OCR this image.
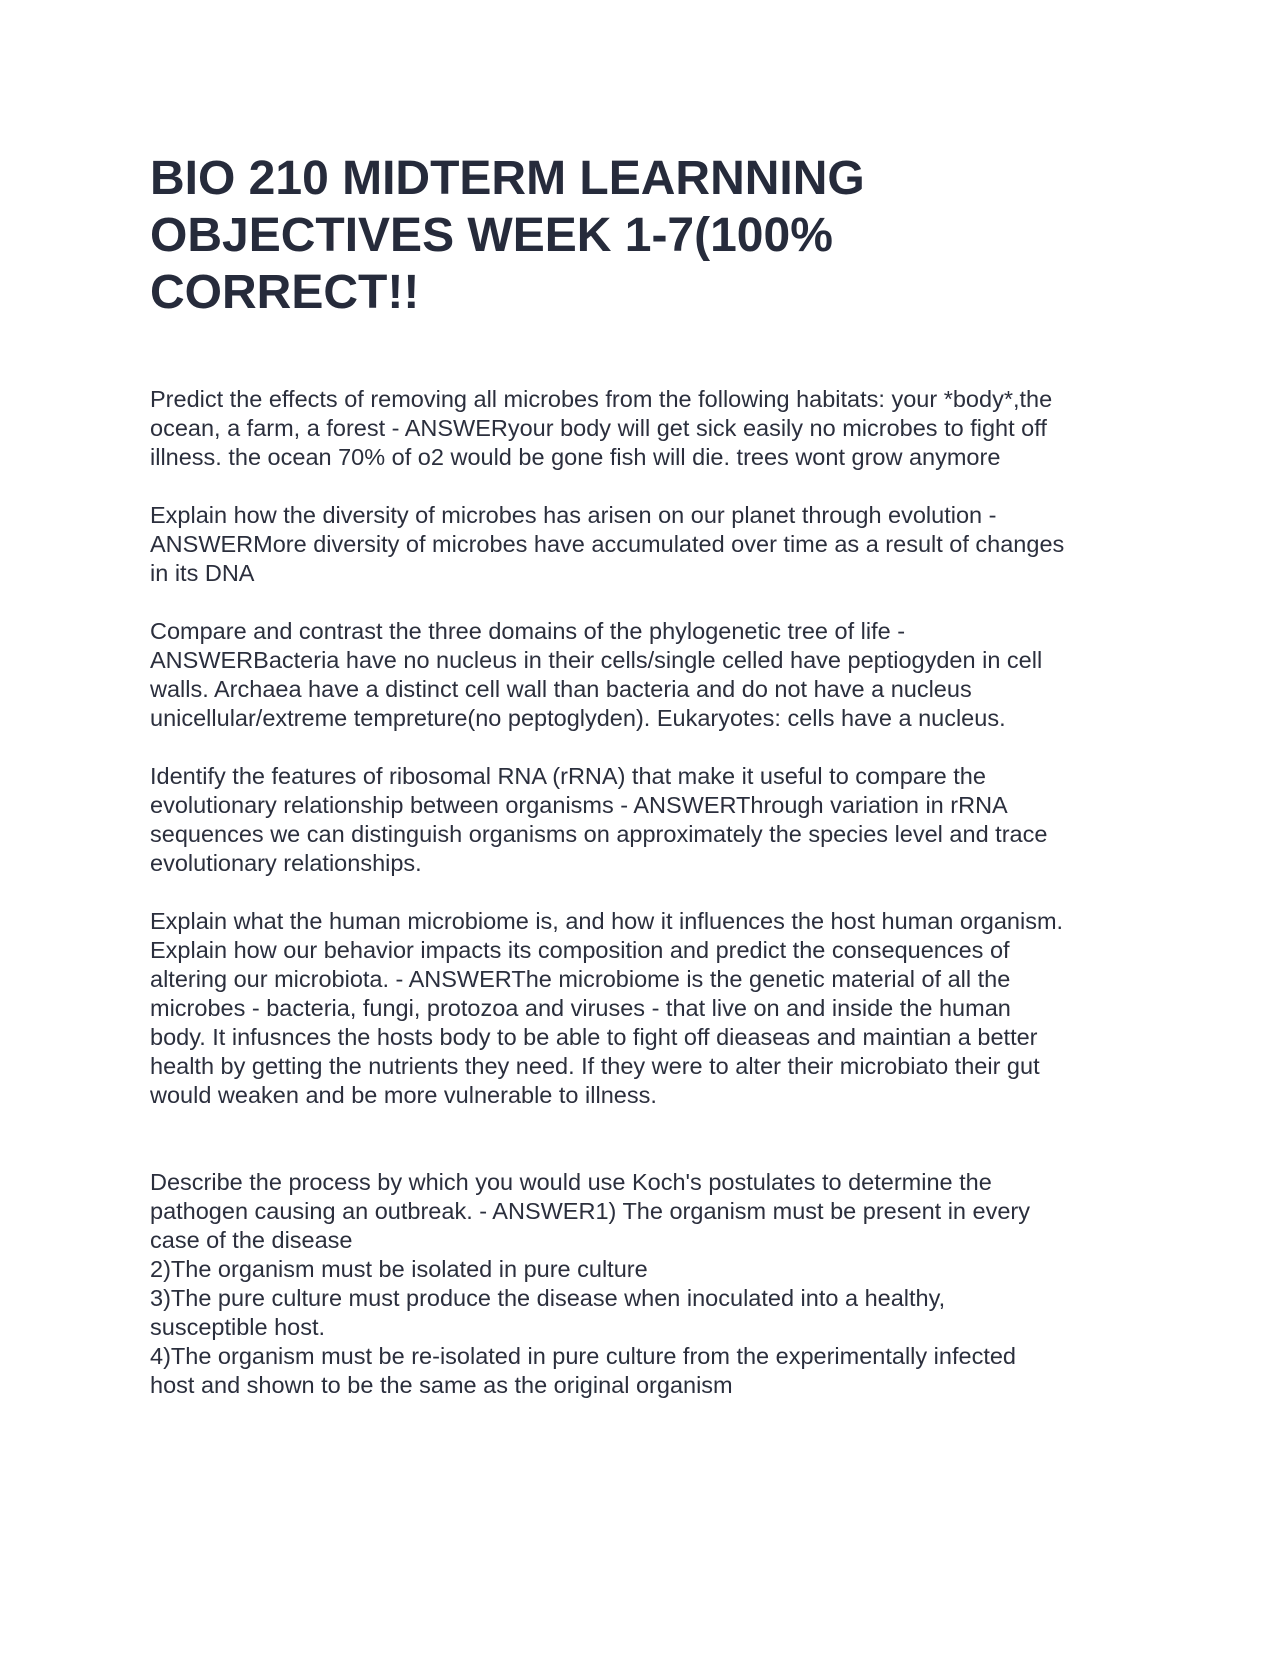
BIO 210 MIDTERM LEARNNING
OBJECTIVES WEEK 1-7(100%
CORRECT!!
Predict the effects of removing all microbes from the following habitats: your *body*,the
ocean, a farm, a forest - ANSWERyour body will get sick easily no microbes to fight off
illness. the ocean 70% of o2 would be gone fish will die. trees wont grow anymore
Explain how the diversity of microbes has arisen on our planet through evolution -
ANSWERMore diversity of microbes have accumulated over time as a result of changes
in its DNA
Compare and contrast the three domains of the phylogenetic tree of life -
ANSWERBacteria have no nucleus in their cells/single celled have peptiogyden in cell
walls. Archaea have a distinct cell wall than bacteria and do not have a nucleus
unicellular/extreme tempreture(no peptoglyden). Eukaryotes: cells have a nucleus.
Identify the features of ribosomal RNA (rRNA) that make it useful to compare the
evolutionary relationship between organisms - ANSWERThrough variation in rRNA
sequences we can distinguish organisms on approximately the species level and trace
evolutionary relationships.
Explain what the human microbiome is, and how it influences the host human organism.
Explain how our behavior impacts its composition and predict the consequences of
altering our microbiota. - ANSWERThe microbiome is the genetic material of all the
microbes - bacteria, fungi, protozoa and viruses - that live on and inside the human
body. It infusnces the hosts body to be able to fight off dieaseas and maintian a better
health by getting the nutrients they need. If they were to alter their microbiato their gut
would weaken and be more vulnerable to illness.
Describe the process by which you would use Koch's postulates to determine the
pathogen causing an outbreak. - ANSWER1) The organism must be present in every
case of the disease
2)The organism must be isolated in pure culture
3)The pure culture must produce the disease when inoculated into a healthy,
susceptible host.
4)The organism must be re-isolated in pure culture from the experimentally infected
host and shown to be the same as the original organism
